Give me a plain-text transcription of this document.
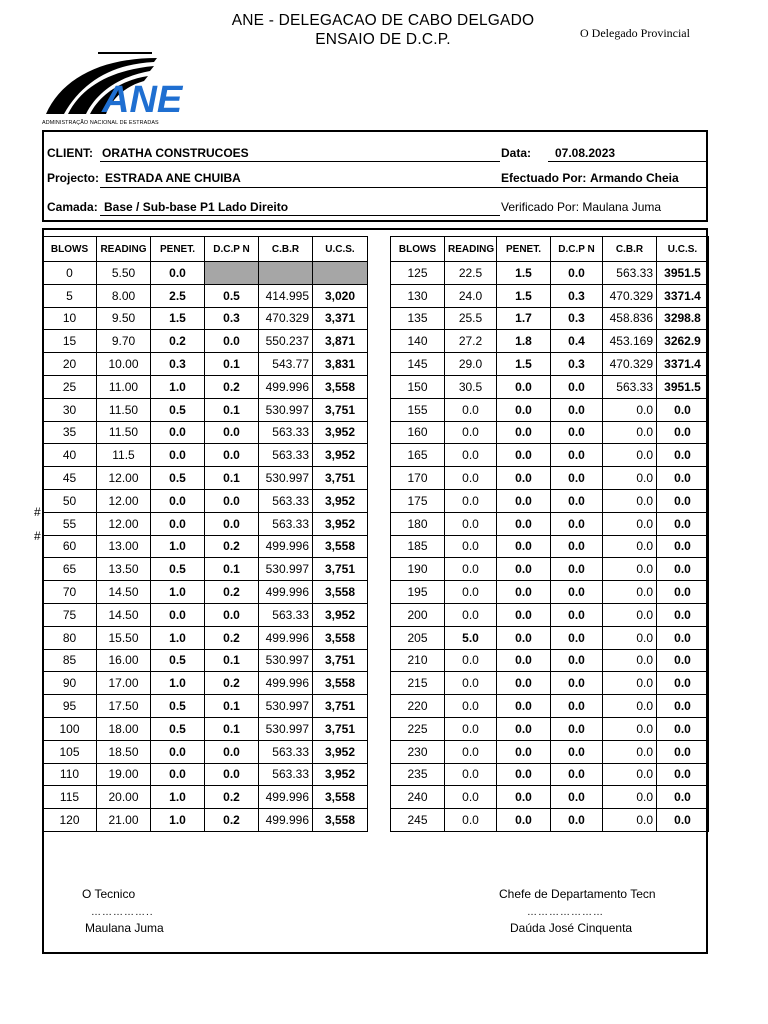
ANE - DELEGACAO DE CABO DELGADO
ENSAIO DE D.C.P.	O Delegado Provincial
ANE
ADMINISTRAÇÃO NACIONAL DE ESTRADAS
CLIENT: ORATHA CONSTRUCOES	Data: 07.08.2023
Projecto: ESTRADA ANE CHUIBA	Efectuado Por: Armando Cheia
Camada: Base / Sub-base P1 Lado Direito	Verificado Por: Maulana Juma
BLOWS	READING	PENET.	D.C.P N	C.B.R	U.C.S.
0	5.50	0.0			
5	8.00	2.5	0.5	414.995	3,020
10	9.50	1.5	0.3	470.329	3,371
15	9.70	0.2	0.0	550.237	3,871
20	10.00	0.3	0.1	543.77	3,831
25	11.00	1.0	0.2	499.996	3,558
30	11.50	0.5	0.1	530.997	3,751
35	11.50	0.0	0.0	563.33	3,952
40	11.5	0.0	0.0	563.33	3,952
45	12.00	0.5	0.1	530.997	3,751
50	12.00	0.0	0.0	563.33	3,952
55	12.00	0.0	0.0	563.33	3,952
60	13.00	1.0	0.2	499.996	3,558
65	13.50	0.5	0.1	530.997	3,751
70	14.50	1.0	0.2	499.996	3,558
75	14.50	0.0	0.0	563.33	3,952
80	15.50	1.0	0.2	499.996	3,558
85	16.00	0.5	0.1	530.997	3,751
90	17.00	1.0	0.2	499.996	3,558
95	17.50	0.5	0.1	530.997	3,751
100	18.00	0.5	0.1	530.997	3,751
105	18.50	0.0	0.0	563.33	3,952
110	19.00	0.0	0.0	563.33	3,952
115	20.00	1.0	0.2	499.996	3,558
120	21.00	1.0	0.2	499.996	3,558
BLOWS	READING	PENET.	D.C.P N	C.B.R	U.C.S.
125	22.5	1.5	0.0	563.33	3951.5
130	24.0	1.5	0.3	470.329	3371.4
135	25.5	1.7	0.3	458.836	3298.8
140	27.2	1.8	0.4	453.169	3262.9
145	29.0	1.5	0.3	470.329	3371.4
150	30.5	0.0	0.0	563.33	3951.5
155	0.0	0.0	0.0	0.0	0.0
160	0.0	0.0	0.0	0.0	0.0
165	0.0	0.0	0.0	0.0	0.0
170	0.0	0.0	0.0	0.0	0.0
175	0.0	0.0	0.0	0.0	0.0
180	0.0	0.0	0.0	0.0	0.0
185	0.0	0.0	0.0	0.0	0.0
190	0.0	0.0	0.0	0.0	0.0
195	0.0	0.0	0.0	0.0	0.0
200	0.0	0.0	0.0	0.0	0.0
205	5.0	0.0	0.0	0.0	0.0
210	0.0	0.0	0.0	0.0	0.0
215	0.0	0.0	0.0	0.0	0.0
220	0.0	0.0	0.0	0.0	0.0
225	0.0	0.0	0.0	0.0	0.0
230	0.0	0.0	0.0	0.0	0.0
235	0.0	0.0	0.0	0.0	0.0
240	0.0	0.0	0.0	0.0	0.0
245	0.0	0.0	0.0	0.0	0.0
#
#
O Tecnico
……………..
Maulana Juma
Chefe de Departamento Tecn
…………………
Daúda José Cinquenta
